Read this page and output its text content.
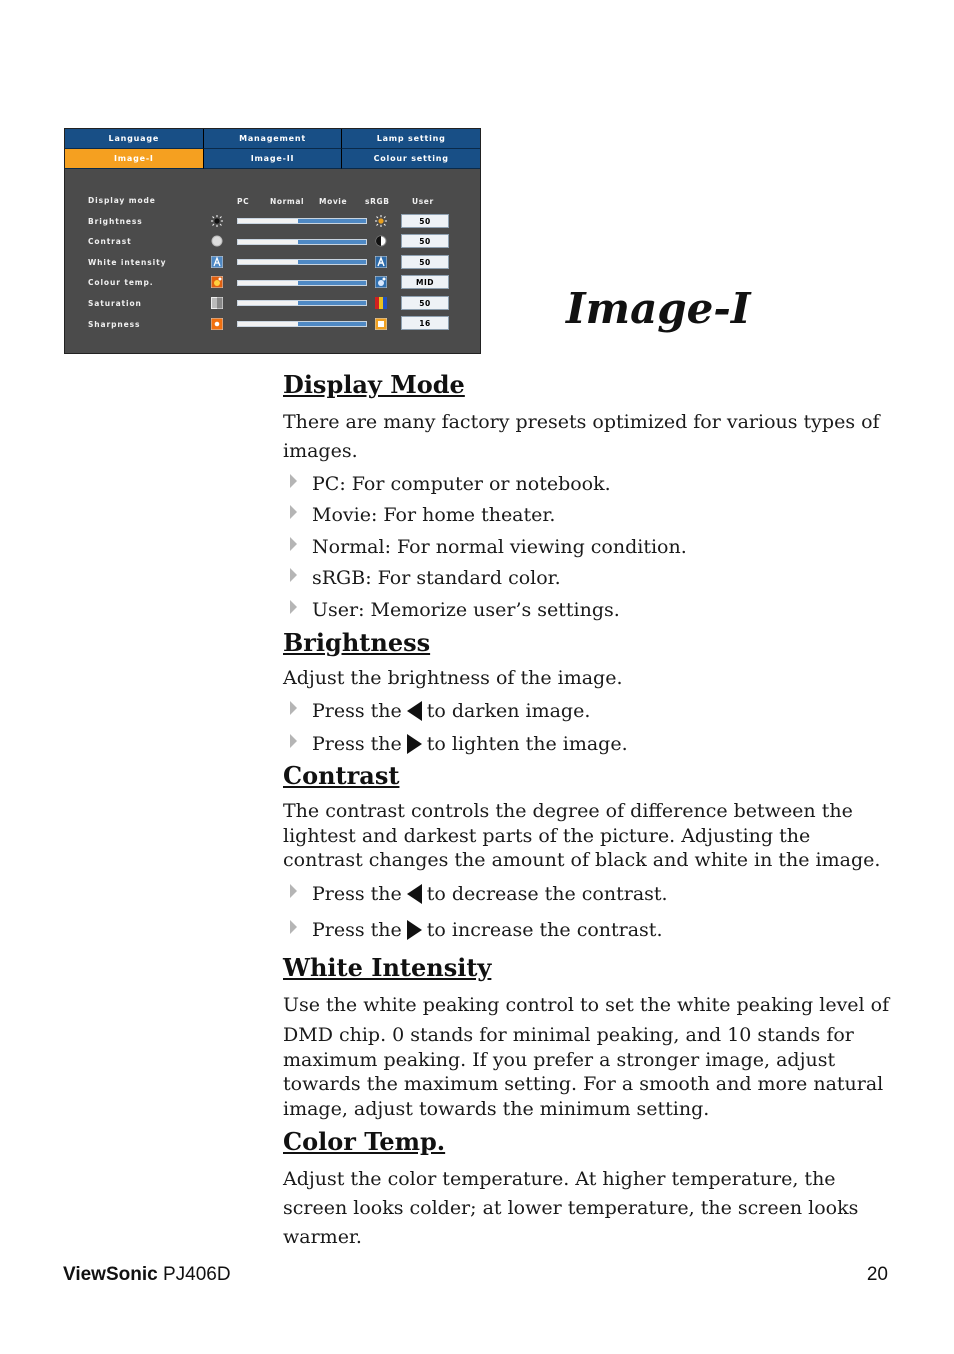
Language	Management	Lamp setting
Image-I	Image-II	Colour setting
Display mode	PC	Normal Movie sRGB	User
Brightness	50
Contrast	50
White intensity	50
Colour temp.	MID
Saturation	50
Sharpness	16	Image-I
Display Mode

There are many factory presets optimized for various types of images.

PC: For computer or notebook.
Movie: For home theater.
Normal: For normal viewing condition.
sRGB: For standard color.
User: Memorize user’s settings.
Brightness

Adjust the brightness of the image.

Press the to darken image.
Press the to lighten the image.
Contrast

The contrast controls the degree of difference between the lightest and darkest parts of the picture. Adjusting the contrast changes the amount of black and white in the image.

Press the to decrease the contrast.
Press the to increase the contrast.
White Intensity

Use the white peaking control to set the white peaking level of

DMD chip. 0 stands for minimal peaking, and 10 stands for maximum peaking. If you prefer a stronger image, adjust towards the maximum setting. For a smooth and more natural image, adjust towards the minimum setting.

Color Temp.

Adjust the color temperature. At higher temperature, the screen looks colder; at lower temperature, the screen looks warmer.

ViewSonic PJ406D	20
